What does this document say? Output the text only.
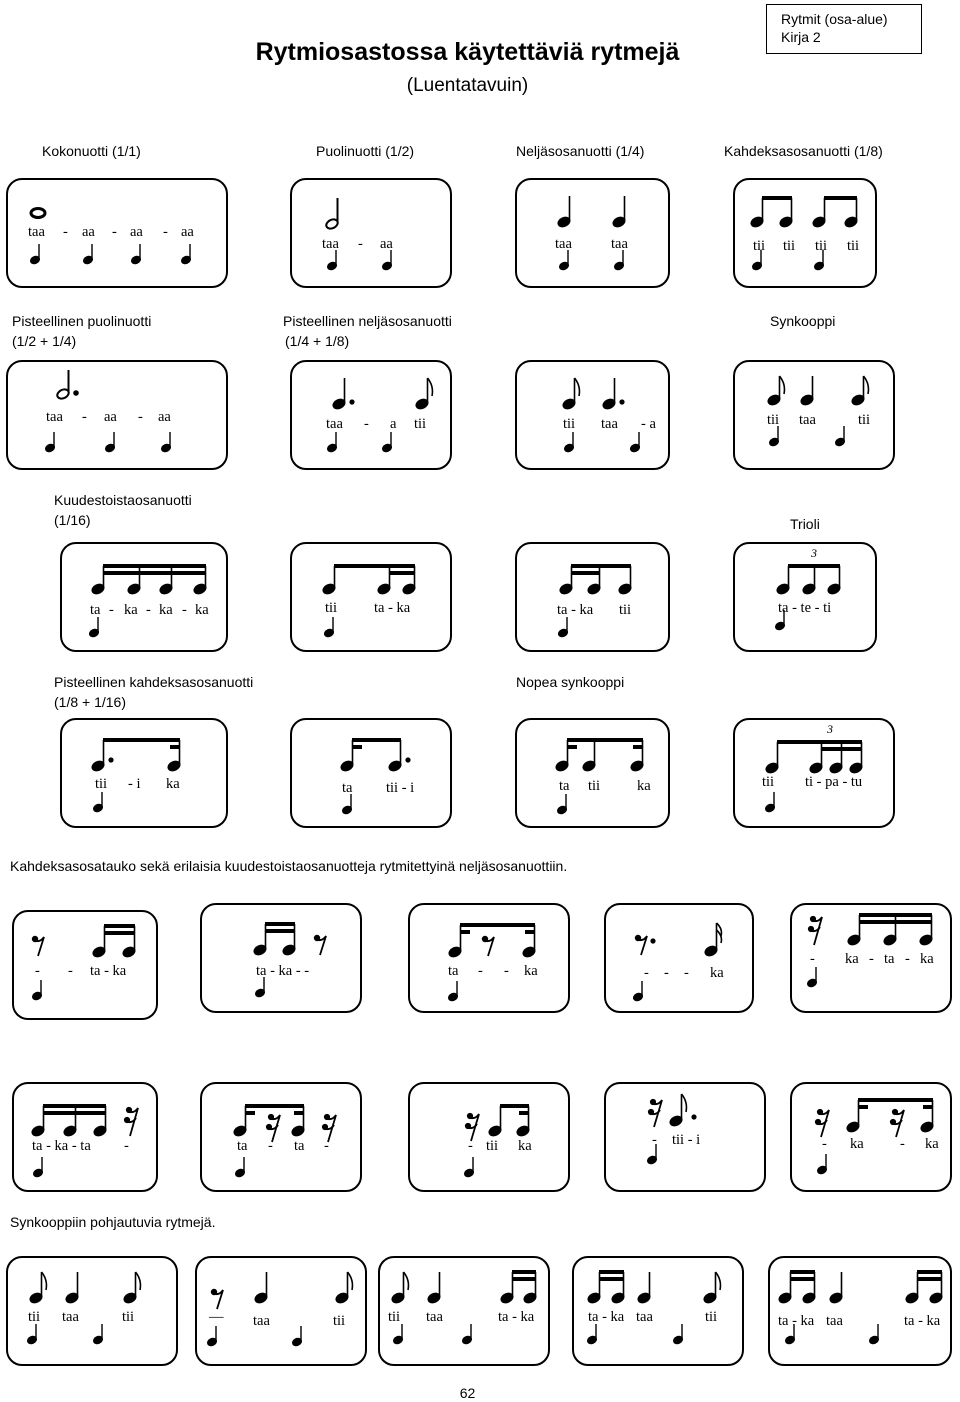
Rytmiosastossa käytettäviä rytmejä
(Luentatavuin)
Rytmit (osa-alue)
Kirja 2
Kokonuotti (1/1)	Puolinuotti (1/2)	Neljäsosanuotti (1/4)	Kahdeksasosanuotti (1/8)
Pisteellinen puolinuotti
(1/2 + 1/4)
Pisteellinen neljäsosanuotti
(1/4 + 1/8)
Synkooppi
Kuudestoistaosanuotti
(1/16)	Trioli
Pisteellinen kahdeksasosanuotti
(1/8 + 1/16)
Nopea synkooppi
Kahdeksasosatauko sekä erilaisia kuudestoistaosanuotteja rytmitettyinä neljäsosanuottiin.
Synkooppiin pohjautuvia rytmejä.
taa - aa - aa - aa
taa - aa	taa	taa	tii tii tii tii
taa - aa - aa	taa - a tii	tii taa - a	tii taa	tii
ta - ka - ka - ka	tii	ta - ka	ta - ka tii
3
ta - te - ti
tii - i ka	ta tii - i	ta tii	ka
3
tii ti - pa - tu
- - ta - ka	ta - ka - -	ta - - ka	- - - ka
- ka - ta - ka
ta - ka - ta -	ta - ta -	- tii ka	- tii - i	- ka	- ka
tii taa	tii	— taa	tii	tii taa	ta - ka	ta - ka taa	tii	ta - ka taa	ta - ka
62
